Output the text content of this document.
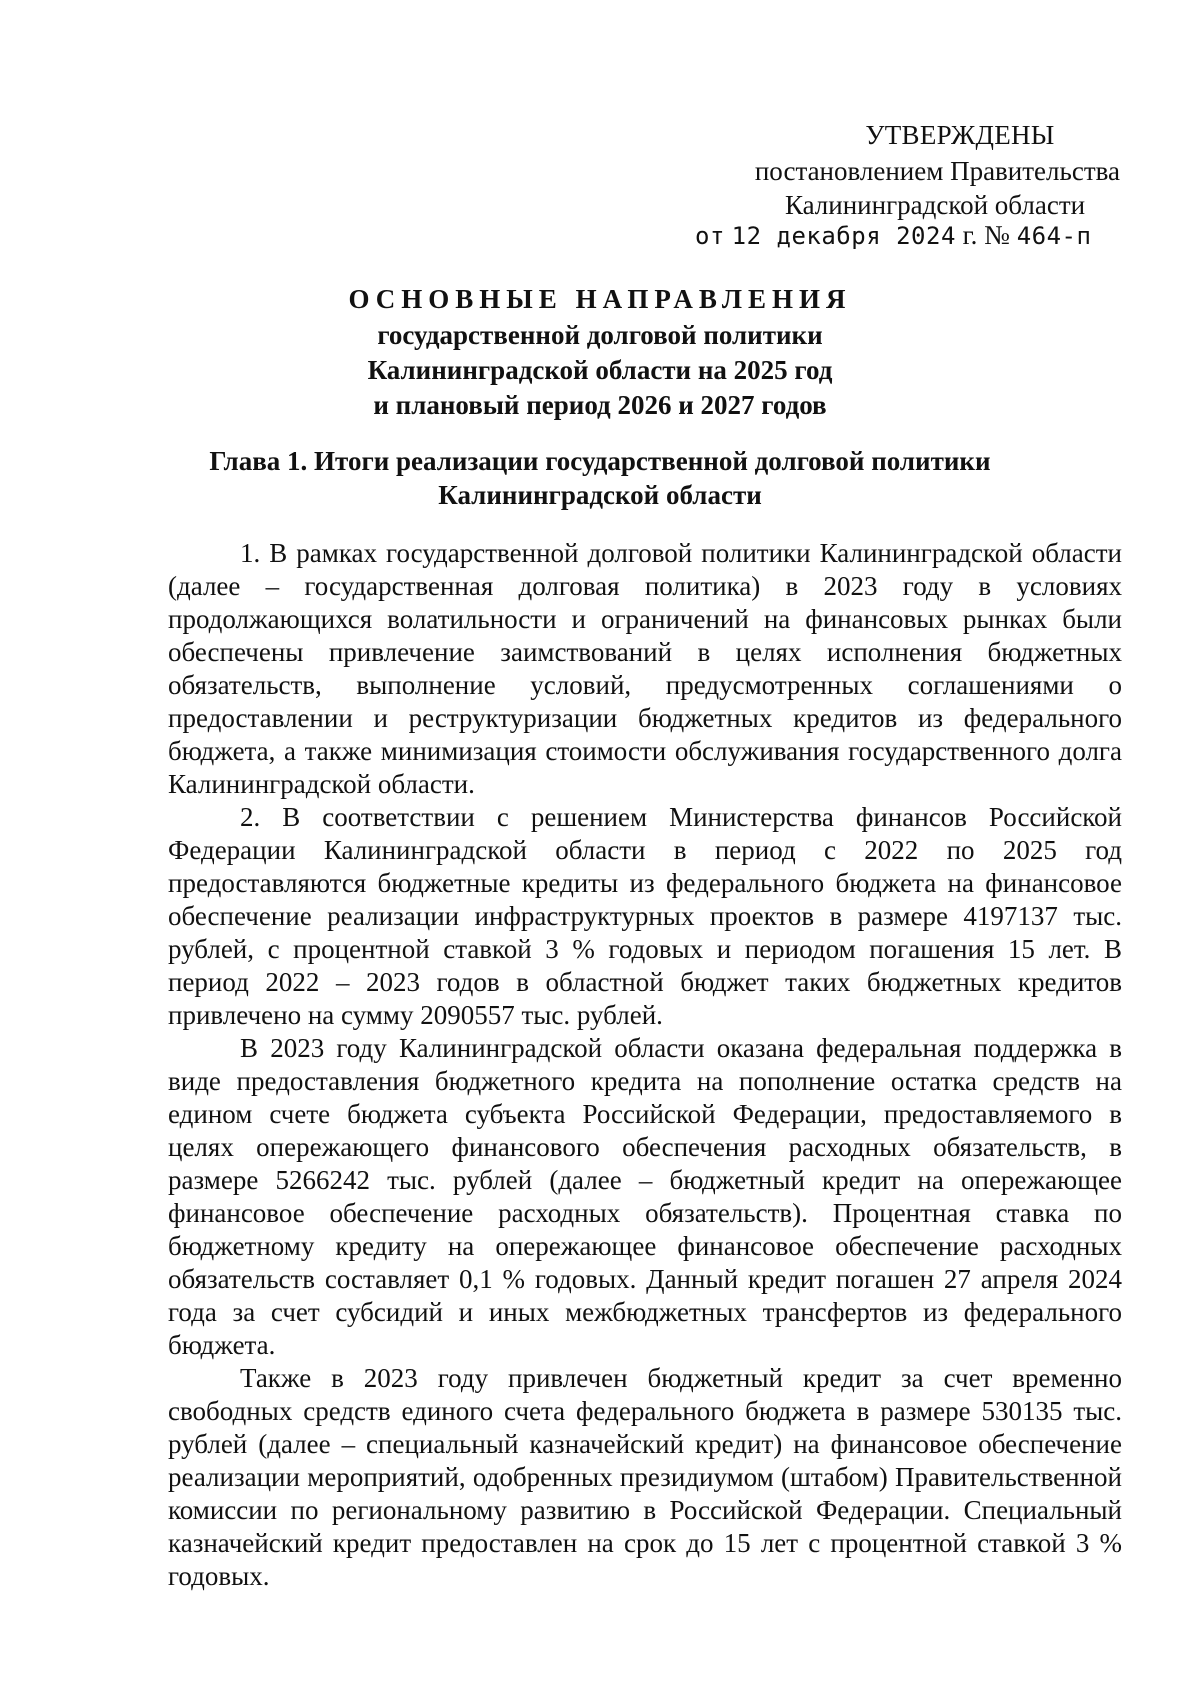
УТВЕРЖДЕНЫ
постановлением Правительства
Калининградской области
от 12 декабря 2024 г. № 464-п
ОСНОВНЫЕ НАПРАВЛЕНИЯ
государственной долговой политики
Калининградской области на 2025 год
и плановый период 2026 и 2027 годов
Глава 1. Итоги реализации государственной долговой политики
Калининградской области

1. В рамках государственной долговой политики Калининградской области (далее – государственная долговая политика) в 2023 году в условиях продолжающихся волатильности и ограничений на финансовых рынках были обеспечены привлечение заимствований в целях исполнения бюджетных обязательств, выполнение условий, предусмотренных соглашениями о предоставлении и реструктуризации бюджетных кредитов из федерального бюджета, а также минимизация стоимости обслуживания государственного долга Калининградской области.

2. В соответствии с решением Министерства финансов Российской Федерации Калининградской области в период с 2022 по 2025 год предоставляются бюджетные кредиты из федерального бюджета на финансовое обеспечение реализации инфраструктурных проектов в размере 4197137 тыс. рублей, с процентной ставкой 3 % годовых и периодом погашения 15 лет. В период 2022 – 2023 годов в областной бюджет таких бюджетных кредитов привлечено на сумму 2090557 тыс. рублей.

В 2023 году Калининградской области оказана федеральная поддержка в виде предоставления бюджетного кредита на пополнение остатка средств на едином счете бюджета субъекта Российской Федерации, предоставляемого в целях опережающего финансового обеспечения расходных обязательств, в размере 5266242 тыс. рублей (далее – бюджетный кредит на опережающее финансовое обеспечение расходных обязательств). Процентная ставка по бюджетному кредиту на опережающее финансовое обеспечение расходных обязательств составляет 0,1 % годовых. Данный кредит погашен 27 апреля 2024 года за счет субсидий и иных межбюджетных трансфертов из федерального бюджета.

Также в 2023 году привлечен бюджетный кредит за счет временно свободных средств единого счета федерального бюджета в размере 530135 тыс. рублей (далее – специальный казначейский кредит) на финансовое обеспечение реализации мероприятий, одобренных президиумом (штабом) Правительственной комиссии по региональному развитию в Российской Федерации. Специальный казначейский кредит предоставлен на срок до 15 лет с процентной ставкой 3 % годовых.
